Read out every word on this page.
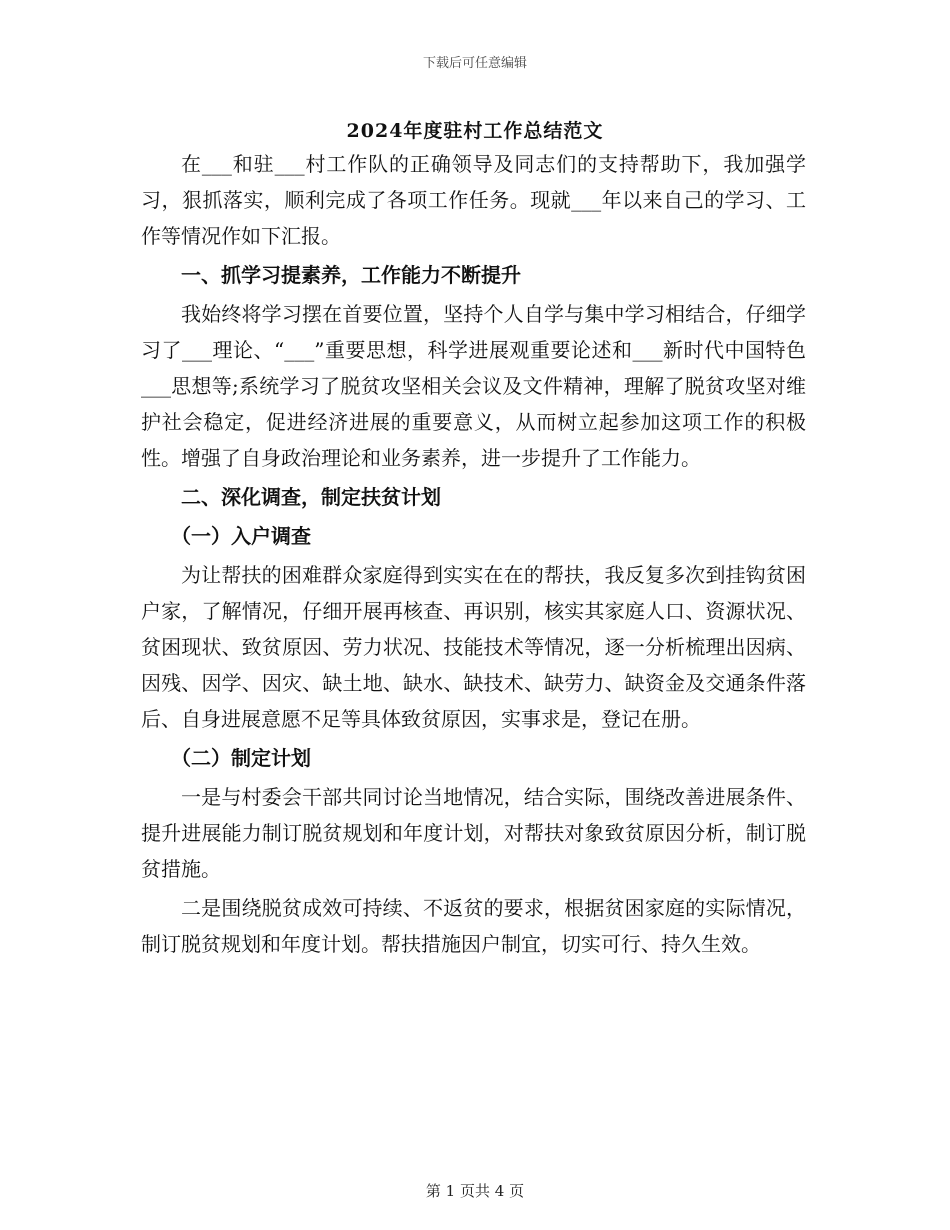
下载后可任意编辑
2024年度驻村工作总结范文

在___和驻___村工作队的正确领导及同志们的支持帮助下，我加强学习，狠抓落实，顺利完成了各项工作任务。现就___年以来自己的学习、工作等情况作如下汇报。

一、抓学习提素养，工作能力不断提升

我始终将学习摆在首要位置，坚持个人自学与集中学习相结合，仔细学习了___理论、“___”重要思想，科学进展观重要论述和___新时代中国特色___思想等;系统学习了脱贫攻坚相关会议及文件精神，理解了脱贫攻坚对维护社会稳定，促进经济进展的重要意义，从而树立起参加这项工作的积极性。增强了自身政治理论和业务素养，进一步提升了工作能力。

二、深化调查，制定扶贫计划

（一）入户调查

为让帮扶的困难群众家庭得到实实在在的帮扶，我反复多次到挂钩贫困户家，了解情况，仔细开展再核查、再识别，核实其家庭人口、资源状况、贫困现状、致贫原因、劳力状况、技能技术等情况，逐一分析梳理出因病、因残、因学、因灾、缺土地、缺水、缺技术、缺劳力、缺资金及交通条件落后、自身进展意愿不足等具体致贫原因，实事求是，登记在册。

（二）制定计划

一是与村委会干部共同讨论当地情况，结合实际，围绕改善进展条件、提升进展能力制订脱贫规划和年度计划，对帮扶对象致贫原因分析，制订脱贫措施。

二是围绕脱贫成效可持续、不返贫的要求，根据贫困家庭的实际情况，制订脱贫规划和年度计划。帮扶措施因户制宜，切实可行、持久生效。

第 1 页共 4 页
